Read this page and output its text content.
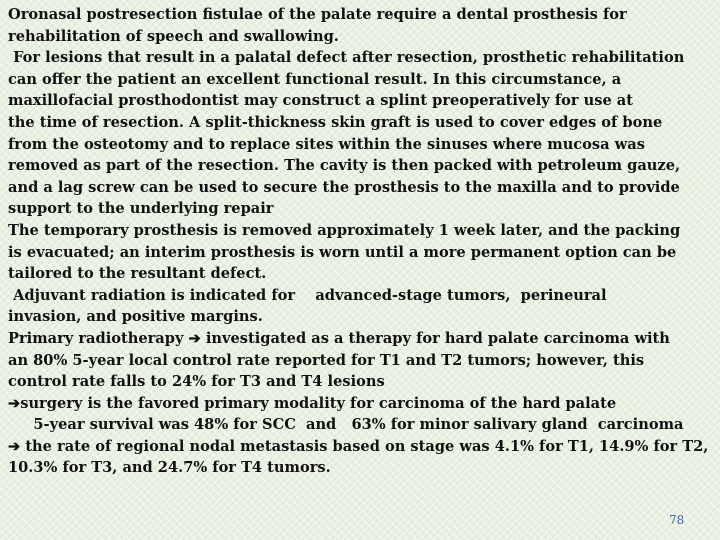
Oronasal postresection fistulae of the palate require a dental prosthesis for
rehabilitation of speech and swallowing.
For lesions that result in a palatal defect after resection, prosthetic rehabilitation
can offer the patient an excellent functional result. In this circumstance, a
maxillofacial prosthodontist may construct a splint preoperatively for use at
the time of resection. A split-thickness skin graft is used to cover edges of bone
from the osteotomy and to replace sites within the sinuses where mucosa was
removed as part of the resection. The cavity is then packed with petroleum gauze,
and a lag screw can be used to secure the prosthesis to the maxilla and to provide
support to the underlying repair
The temporary prosthesis is removed approximately 1 week later, and the packing
is evacuated; an interim prosthesis is worn until a more permanent option can be
tailored to the resultant defect.
Adjuvant radiation is indicated for    advanced-stage tumors,  perineural
invasion, and positive margins.
Primary radiotherapy ➔ investigated as a therapy for hard palate carcinoma with
an 80% 5-year local control rate reported for T1 and T2 tumors; however, this
control rate falls to 24% for T3 and T4 lesions
➔surgery is the favored primary modality for carcinoma of the hard palate
5-year survival was 48% for SCC  and   63% for minor salivary gland  carcinoma
➔ the rate of regional nodal metastasis based on stage was 4.1% for T1, 14.9% for T2,
10.3% for T3, and 24.7% for T4 tumors.
78
